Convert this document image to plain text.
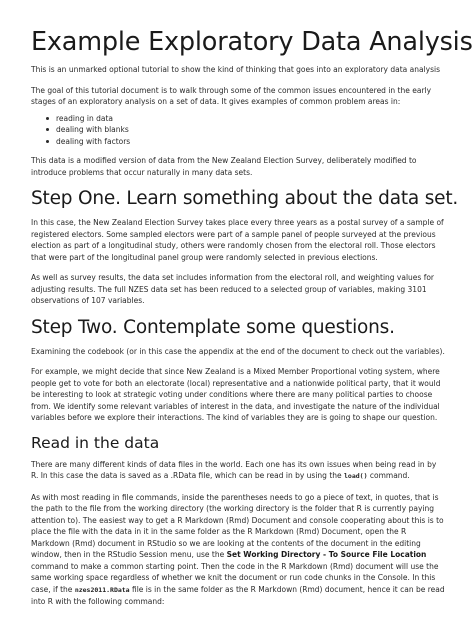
Example Exploratory Data Analysis

This is an unmarked optional tutorial to show the kind of thinking that goes into an exploratory data analysis

The goal of this tutorial document is to walk through some of the common issues encountered in the early stages of an exploratory analysis on a set of data. It gives examples of common problem areas in:

reading in data
dealing with blanks
dealing with factors

This data is a modified version of data from the New Zealand Election Survey, deliberately modified to introduce problems that occur naturally in many data sets.

Step One. Learn something about the data set.

In this case, the New Zealand Election Survey takes place every three years as a postal survey of a sample of registered electors. Some sampled electors were part of a sample panel of people surveyed at the previous election as part of a longitudinal study, others were randomly chosen from the electoral roll. Those electors that were part of the longitudinal panel group were randomly selected in previous elections.

As well as survey results, the data set includes information from the electoral roll, and weighting values for adjusting results. The full NZES data set has been reduced to a selected group of variables, making 3101 observations of 107 variables.

Step Two. Contemplate some questions.

Examining the codebook (or in this case the appendix at the end of the document to check out the variables).

For example, we might decide that since New Zealand is a Mixed Member Proportional voting system, where people get to vote for both an electorate (local) representative and a nationwide political party, that it would be interesting to look at strategic voting under conditions where there are many political parties to choose from. We identify some relevant variables of interest in the data, and investigate the nature of the individual variables before we explore their interactions. The kind of variables they are is going to shape our question.

Read in the data

There are many different kinds of data files in the world. Each one has its own issues when being read in by R. In this case the data is saved as a .RData file, which can be read in by using the load() command.

As with most reading in file commands, inside the parentheses needs to go a piece of text, in quotes, that is the path to the file from the working directory (the working directory is the folder that R is currently paying attention to). The easiest way to get a R Markdown (Rmd) Document and console cooperating about this is to place the file with the data in it in the same folder as the R Markdown (Rmd) Document, open the R Markdown (Rmd) document in RStudio so we are looking at the contents of the document in the editing window, then in the RStudio Session menu, use the Set Working Directory - To Source File Location command to make a common starting point. Then the code in the R Markdown (Rmd) document will use the same working space regardless of whether we knit the document or run code chunks in the Console. In this case, if the nzes2011.RData file is in the same folder as the R Markdown (Rmd) document, hence it can be read into R with the following command:
